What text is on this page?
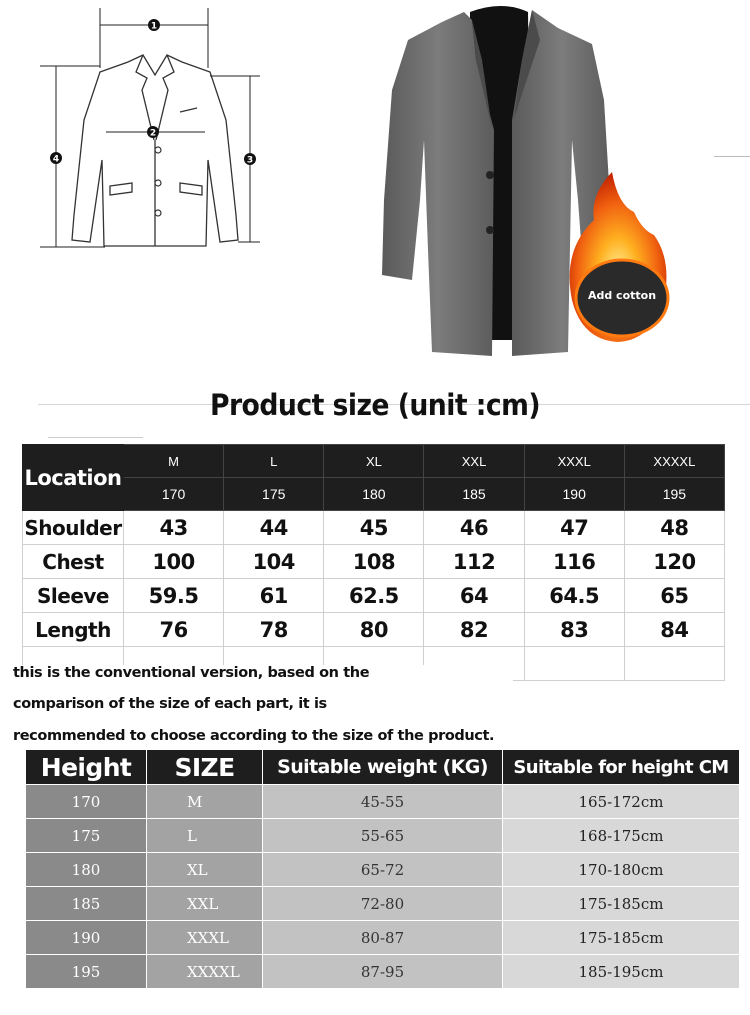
1
2
3
4
Add cotton
Product size (unit :cm)
Location	M	L	XL	XXL	XXXL	XXXXL
	170	175	180	185	190	195
Shoulder	43	44	45	46	47	48
Chest	100	104	108	112	116	120
Sleeve	59.5	61	62.5	64	64.5	65
Length	76	78	80	82	83	84

this is the conventional version, based on the
comparison of the size of each part, it is
recommended to choose according to the size of the product.
Height	SIZE	Suitable weight (KG)	Suitable for height CM
170	M	45-55	165-172cm
175	L	55-65	168-175cm
180	XL	65-72	170-180cm
185	XXL	72-80	175-185cm
190	XXXL	80-87	175-185cm
195	XXXXL	87-95	185-195cm
